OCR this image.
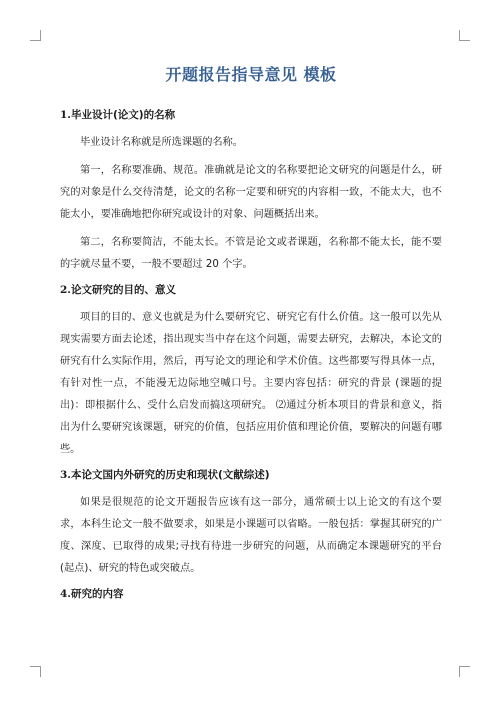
开题报告指导意见 模板
1.毕业设计(论文)的名称

毕业设计名称就是所选课题的名称。

第一，名称要准确、规范。准确就是论文的名称要把论文研究的问题是什么，研究的对象是什么交待清楚，论文的名称一定要和研究的内容相一致，不能太大，也不能太小，要准确地把你研究或设计的对象、问题概括出来。

第二，名称要简洁，不能太长。不管是论文或者课题，名称都不能太长，能不要的字就尽量不要，一般不要超过 20 个字。

2.论文研究的目的、意义

项目的目的、意义也就是为什么要研究它、研究它有什么价值。这一般可以先从现实需要方面去论述，指出现实当中存在这个问题，需要去研究，去解决，本论文的研究有什么实际作用，然后，再写论文的理论和学术价值。这些都要写得具体一点，有针对性一点，不能漫无边际地空喊口号。主要内容包括：研究的背景 (课题的提出)：即根据什么、受什么启发而搞这项研究。 ⑵通过分析本项目的背景和意义，指出为什么要研究该课题，研究的价值，包括应用价值和理论价值，要解决的问题有哪些。

3.本论文国内外研究的历史和现状(文献综述)

如果是很规范的论文开题报告应该有这一部分，通常硕士以上论文的有这个要求，本科生论文一般不做要求，如果是小课题可以省略。一般包括：掌握其研究的广度、深度、已取得的成果;寻找有待进一步研究的问题，从而确定本课题研究的平台(起点)、研究的特色或突破点。

4.研究的内容
